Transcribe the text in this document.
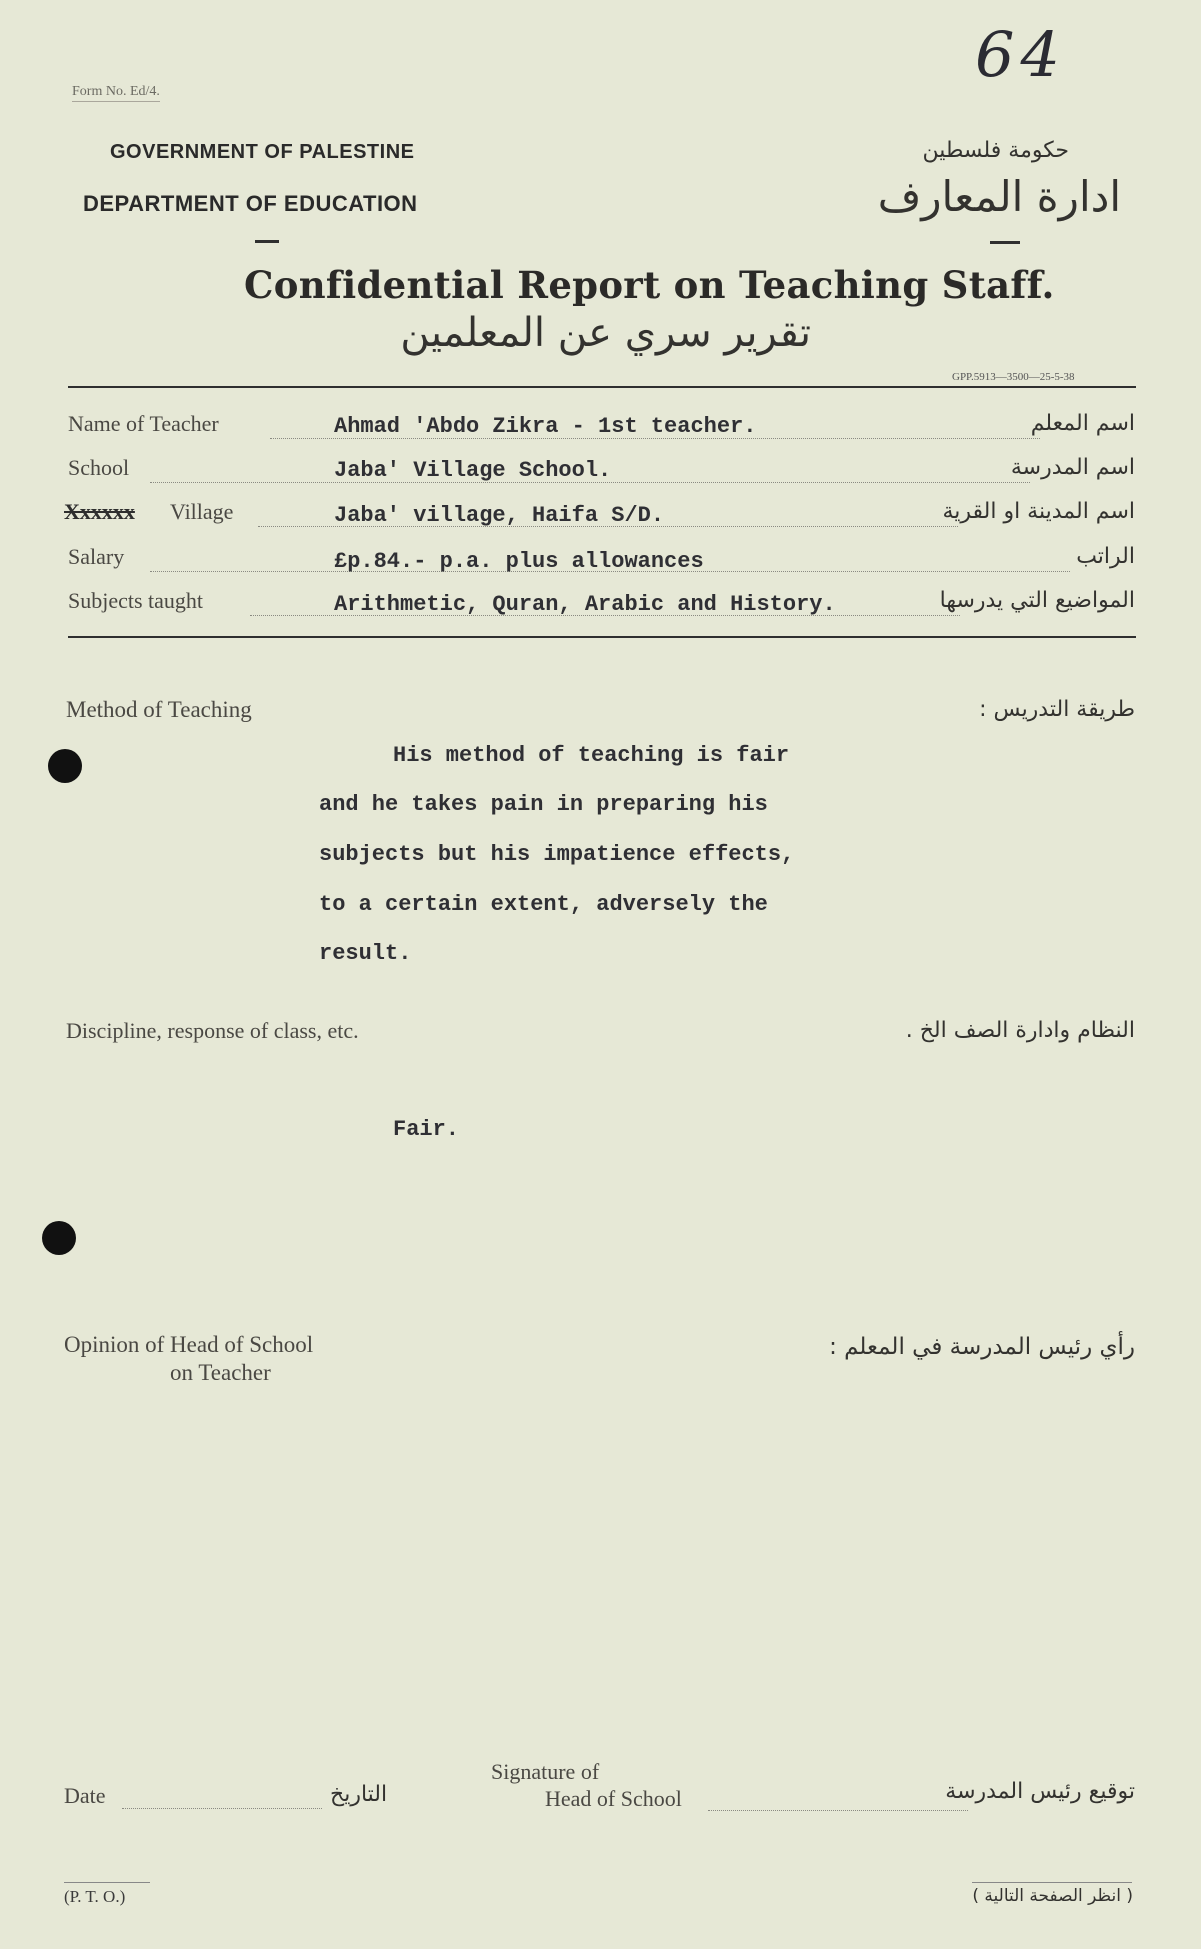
Form No. Ed/4.
64
GOVERNMENT OF PALESTINE
DEPARTMENT OF EDUCATION
حكومة فلسطين
ادارة المعارف
Confidential Report on Teaching Staff.
تقرير سري عن المعلمين
GPP.5913—3500—25-5-38
Name of Teacher	Ahmad 'Abdo Zikra - 1st teacher.	اسم المعلم
School	Jaba' Village School.	اسم المدرسة
Xxxxxx Village	Jaba' village, Haifa S/D.	اسم المدينة او القرية
Salary	£p.84.- p.a. plus allowances	الراتب
Subjects taught	Arithmetic, Quran, Arabic and History.	المواضيع التي يدرسها
Method of Teaching	طريقة التدريس :
His method of teaching is fair
and he takes pain in preparing his
subjects but his impatience effects,
to a certain extent, adversely the
result.
Discipline, response of class, etc.	النظام وادارة الصف الخ .
Fair.
Opinion of Head of School
on Teacher
رأي رئيس المدرسة في المعلم :
Date	التاريخ
Signature of
Head of School	توقيع رئيس المدرسة
(P. T. O.)	( انظر الصفحة التالية )
